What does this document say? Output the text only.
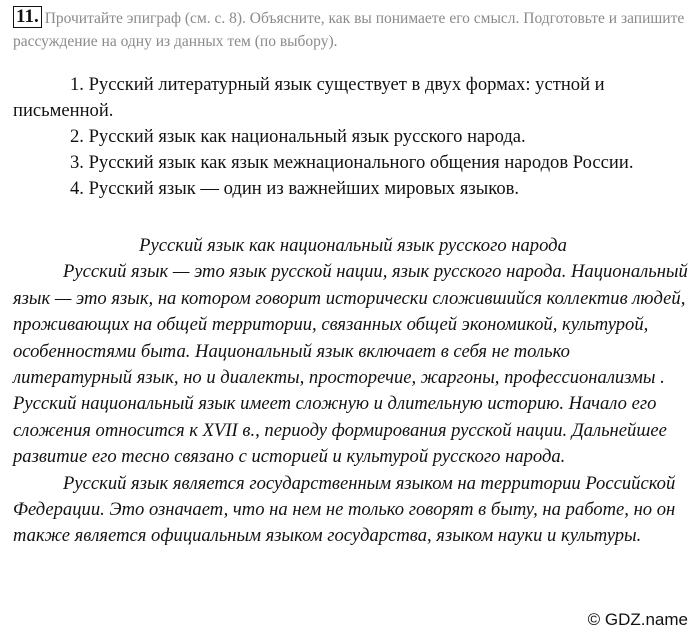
11. Прочитайте эпиграф (см. с. 8). Объясните, как вы понимаете его смысл. Подготовьте и запишите рассуждение на одну из данных тем (по выбору).

1. Русский литературный язык существует в двух формах: устной и письменной.

2. Русский язык как национальный язык русского народа.

3. Русский язык как язык межнационального общения народов России.

4. Русский язык — один из важнейших мировых языков.

Русский язык как национальный язык русского народа

Русский язык — это язык русской нации, язык русского народа. Национальный язык — это язык, на котором говорит исторически сложившийся коллектив людей, проживающих на общей территории, связанных общей экономикой, культурой, особенностями быта. Национальный язык включает в себя не только литературный язык, но и диалекты, просторечие, жаргоны, профессионализмы . Русский национальный язык имеет сложную и длительную историю. Начало его сложения относится к XVII в., периоду формирования русской нации. Дальнейшее развитие его тесно связано с историей и культурой русского народа.

Русский язык является государственным языком на территории Российской Федерации. Это означает, что на нем не только говорят в быту, на работе, но он также является официальным языком государства, языком науки и культуры.

© GDZ.name
